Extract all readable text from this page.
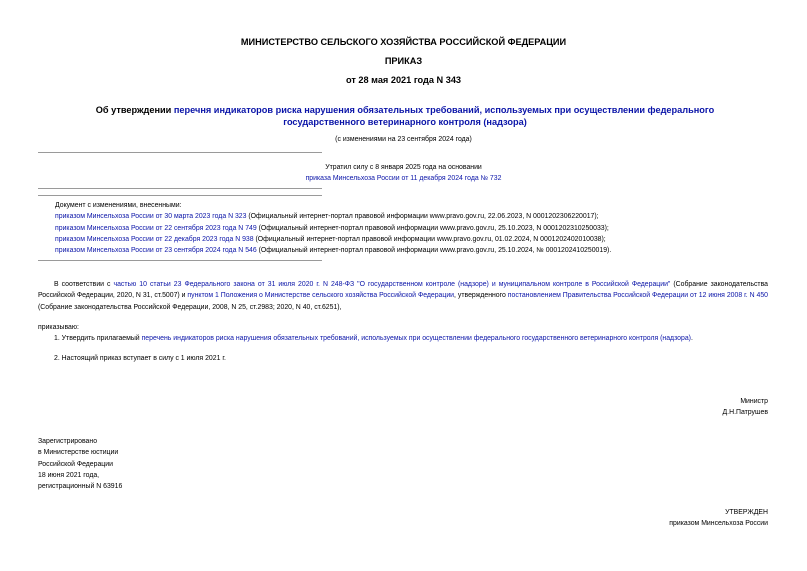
МИНИСТЕРСТВО СЕЛЬСКОГО ХОЗЯЙСТВА РОССИЙСКОЙ ФЕДЕРАЦИИ
ПРИКАЗ
от 28 мая 2021 года N 343
Об утверждении перечня индикаторов риска нарушения обязательных требований, используемых при осуществлении федерального государственного ветеринарного контроля (надзора)
(с изменениями на 23 сентября 2024 года)
Утратил силу с 8 января 2025 года на основании
приказа Минсельхоза России от 11 декабря 2024 года № 732
Документ с изменениями, внесенными:
приказом Минсельхоза России от 30 марта 2023 года N 323 (Официальный интернет-портал правовой информации www.pravo.gov.ru, 22.06.2023, N 0001202306220017);
приказом Минсельхоза России от 22 сентября 2023 года N 749 (Официальный интернет-портал правовой информации www.pravo.gov.ru, 25.10.2023, N 0001202310250033);
приказом Минсельхоза России от 22 декабря 2023 года N 938 (Официальный интернет-портал правовой информации www.pravo.gov.ru, 01.02.2024, N 0001202402010038);
приказом Минсельхоза России от 23 сентября 2024 года N 546 (Официальный интернет-портал правовой информации www.pravo.gov.ru, 25.10.2024, № 0001202410250019).
В соответствии с частью 10 статьи 23 Федерального закона от 31 июля 2020 г. N 248-ФЗ "О государственном контроле (надзоре) и муниципальном контроле в Российской Федерации" (Собрание законодательства Российской Федерации, 2020, N 31, ст.5007) и пунктом 1 Положения о Министерстве сельского хозяйства Российской Федерации, утвержденного постановлением Правительства Российской Федерации от 12 июня 2008 г. N 450 (Собрание законодательства Российской Федерации, 2008, N 25, ст.2983; 2020, N 40, ст.6251),
приказываю:
1. Утвердить прилагаемый перечень индикаторов риска нарушения обязательных требований, используемых при осуществлении федерального государственного ветеринарного контроля (надзора).
2. Настоящий приказ вступает в силу с 1 июля 2021 г.
Министр
Д.Н.Патрушев
Зарегистрировано
в Министерстве юстиции
Российской Федерации
18 июня 2021 года,
регистрационный N 63916
УТВЕРЖДЕН
приказом Минсельхоза России
